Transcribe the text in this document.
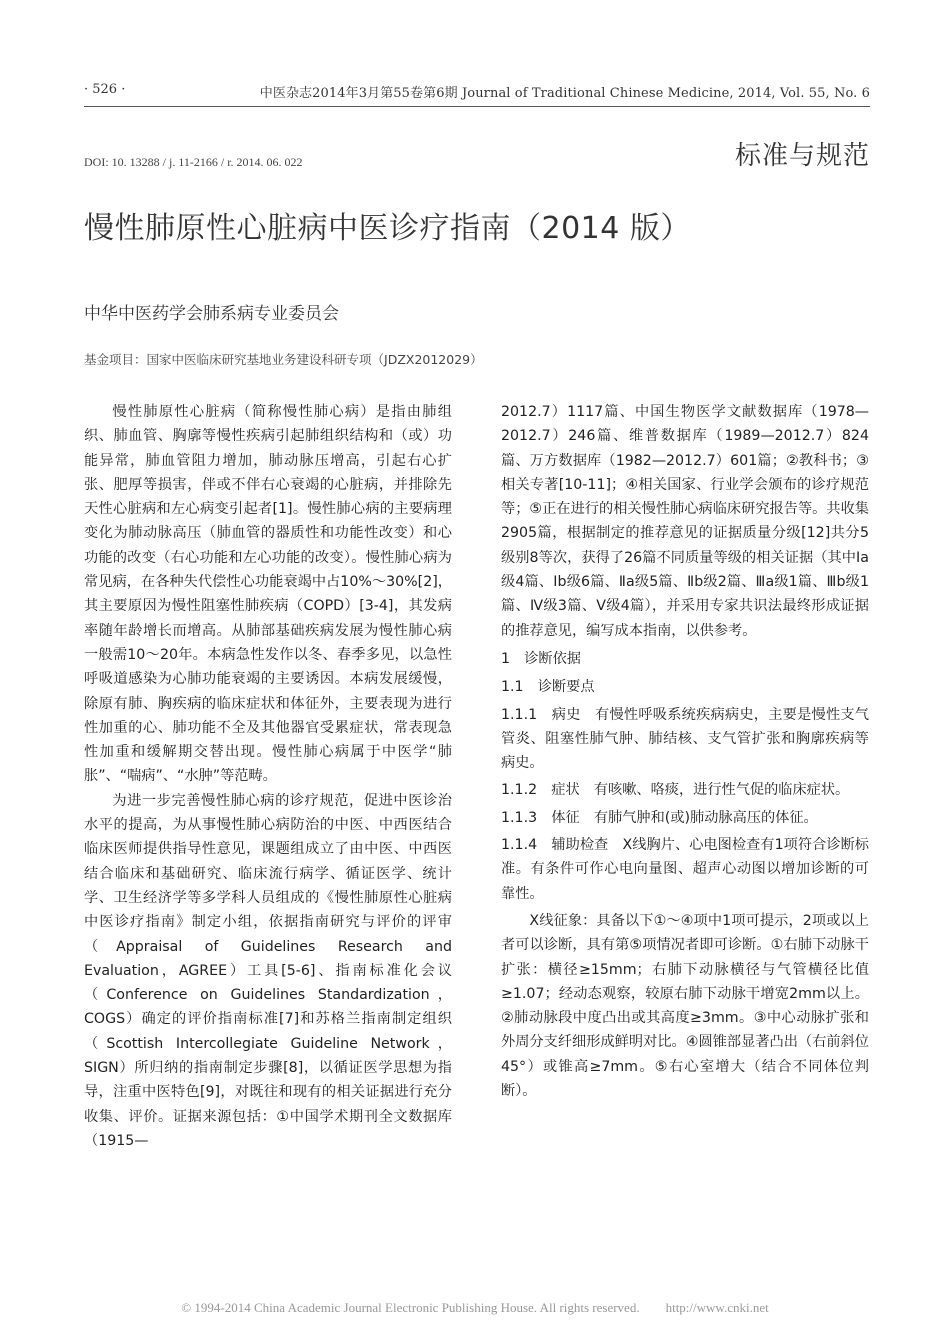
· 526 ·	中医杂志2014年3月第55卷第6期 Journal of Traditional Chinese Medicine, 2014, Vol. 55, No. 6
DOI: 10. 13288 / j. 11-2166 / r. 2014. 06. 022	标准与规范
慢性肺原性心脏病中医诊疗指南（2014 版）
中华中医药学会肺系病专业委员会
基金项目：国家中医临床研究基地业务建设科研专项（JDZX2012029）

慢性肺原性心脏病（简称慢性肺心病）是指由肺组织、肺血管、胸廓等慢性疾病引起肺组织结构和（或）功能异常，肺血管阻力增加，肺动脉压增高，引起右心扩张、肥厚等损害，伴或不伴右心衰竭的心脏病，并排除先天性心脏病和左心病变引起者[1]。慢性肺心病的主要病理变化为肺动脉高压（肺血管的器质性和功能性改变）和心功能的改变（右心功能和左心功能的改变）。慢性肺心病为常见病，在各种失代偿性心功能衰竭中占10%～30%[2]，其主要原因为慢性阻塞性肺疾病（COPD）[3-4]，其发病率随年龄增长而增高。从肺部基础疾病发展为慢性肺心病一般需10～20年。本病急性发作以冬、春季多见，以急性呼吸道感染为心肺功能衰竭的主要诱因。本病发展缓慢，除原有肺、胸疾病的临床症状和体征外，主要表现为进行性加重的心、肺功能不全及其他器官受累症状，常表现急性加重和缓解期交替出现。慢性肺心病属于中医学“肺胀”、“喘病”、“水肿”等范畴。

为进一步完善慢性肺心病的诊疗规范，促进中医诊治水平的提高，为从事慢性肺心病防治的中医、中西医结合临床医师提供指导性意见，课题组成立了由中医、中西医结合临床和基础研究、临床流行病学、循证医学、统计学、卫生经济学等多学科人员组成的《慢性肺原性心脏病中医诊疗指南》制定小组，依据指南研究与评价的评审（Appraisal of Guidelines Research and Evaluation，AGREE）工具[5-6]、指南标准化会议（Conference on Guidelines Standardization，COGS）确定的评价指南标准[7]和苏格兰指南制定组织（Scottish Intercollegiate Guideline Network，SIGN）所归纳的指南制定步骤[8]，以循证医学思想为指导，注重中医特色[9]，对既往和现有的相关证据进行充分收集、评价。证据来源包括：①中国学术期刊全文数据库（1915—

2012.7）1117篇、中国生物医学文献数据库（1978—2012.7）246篇、维普数据库（1989—2012.7）824篇、万方数据库（1982—2012.7）601篇；②教科书；③相关专著[10-11]；④相关国家、行业学会颁布的诊疗规范等；⑤正在进行的相关慢性肺心病临床研究报告等。共收集2905篇，根据制定的推荐意见的证据质量分级[12]共分5级别8等次，获得了26篇不同质量等级的相关证据（其中Ⅰa级4篇、Ⅰb级6篇、Ⅱa级5篇、Ⅱb级2篇、Ⅲa级1篇、Ⅲb级1篇、Ⅳ级3篇、Ⅴ级4篇），并采用专家共识法最终形成证据的推荐意见，编写成本指南，以供参考。

1　诊断依据
1.1　诊断要点

1.1.1　病史　有慢性呼吸系统疾病病史，主要是慢性支气管炎、阻塞性肺气肿、肺结核、支气管扩张和胸廓疾病等病史。

1.1.2　症状　有咳嗽、咯痰，进行性气促的临床症状。

1.1.3　体征　有肺气肿和(或)肺动脉高压的体征。

1.1.4　辅助检查　X线胸片、心电图检查有1项符合诊断标准。有条件可作心电向量图、超声心动图以增加诊断的可靠性。

X线征象：具备以下①～④项中1项可提示，2项或以上者可以诊断，具有第⑤项情况者即可诊断。①右肺下动脉干扩张：横径≥15mm；右肺下动脉横径与气管横径比值≥1.07；经动态观察，较原右肺下动脉干增宽2mm以上。②肺动脉段中度凸出或其高度≥3mm。③中心动脉扩张和外周分支纤细形成鲜明对比。④圆锥部显著凸出（右前斜位45°）或锥高≥7mm。⑤右心室增大（结合不同体位判断）。

© 1994-2014 China Academic Journal Electronic Publishing House. All rights reserved.　　http://www.cnki.net
